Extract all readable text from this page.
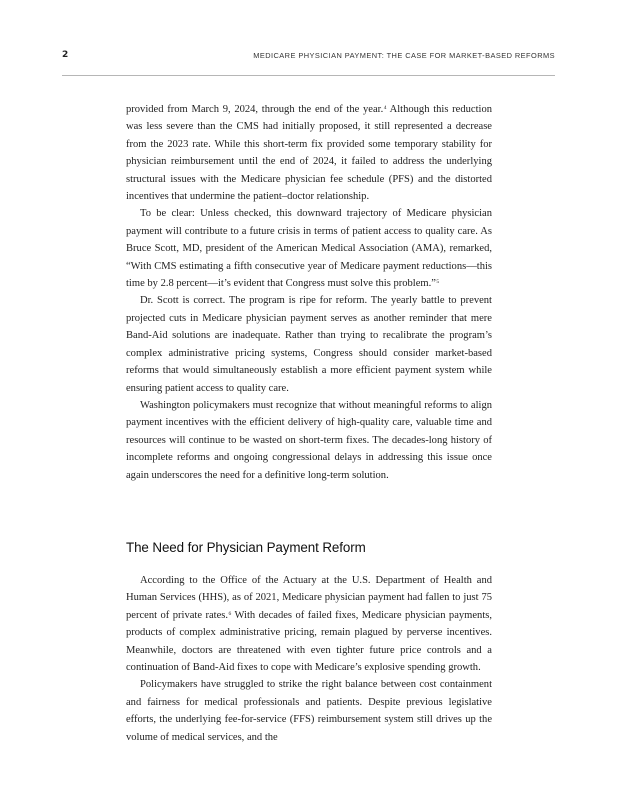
2	MEDICARE PHYSICIAN PAYMENT: THE CASE FOR MARKET-BASED REFORMS

provided from March 9, 2024, through the end of the year.$^4$ Although this reduction was less severe than the CMS had initially proposed, it still represented a decrease from the 2023 rate. While this short-term fix provided some temporary stability for physician reimbursement until the end of 2024, it failed to address the underlying structural issues with the Medicare physician fee schedule (PFS) and the distorted incentives that undermine the patient–doctor relationship.

To be clear: Unless checked, this downward trajectory of Medicare physician payment will contribute to a future crisis in terms of patient access to quality care. As Bruce Scott, MD, president of the American Medical Association (AMA), remarked, “With CMS estimating a fifth consecutive year of Medicare payment reductions—this time by 2.8 percent—it’s evident that Congress must solve this problem.”$^5$

Dr. Scott is correct. The program is ripe for reform. The yearly battle to prevent projected cuts in Medicare physician payment serves as another reminder that mere Band-Aid solutions are inadequate. Rather than trying to recalibrate the program’s complex administrative pricing systems, Congress should consider market-based reforms that would simultaneously establish a more efficient payment system while ensuring patient access to quality care.

Washington policymakers must recognize that without meaningful reforms to align payment incentives with the efficient delivery of high-quality care, valuable time and resources will continue to be wasted on short-term fixes. The decades-long history of incomplete reforms and ongoing congressional delays in addressing this issue once again underscores the need for a definitive long-term solution.

The Need for Physician Payment Reform

According to the Office of the Actuary at the U.S. Department of Health and Human Services (HHS), as of 2021, Medicare physician payment had fallen to just 75 percent of private rates.$^6$ With decades of failed fixes, Medicare physician payments, products of complex administrative pricing, remain plagued by perverse incentives. Meanwhile, doctors are threatened with even tighter future price controls and a continuation of Band-Aid fixes to cope with Medicare’s explosive spending growth.

Policymakers have struggled to strike the right balance between cost containment and fairness for medical professionals and patients. Despite previous legislative efforts, the underlying fee-for-service (FFS) reimbursement system still drives up the volume of medical services, and the
